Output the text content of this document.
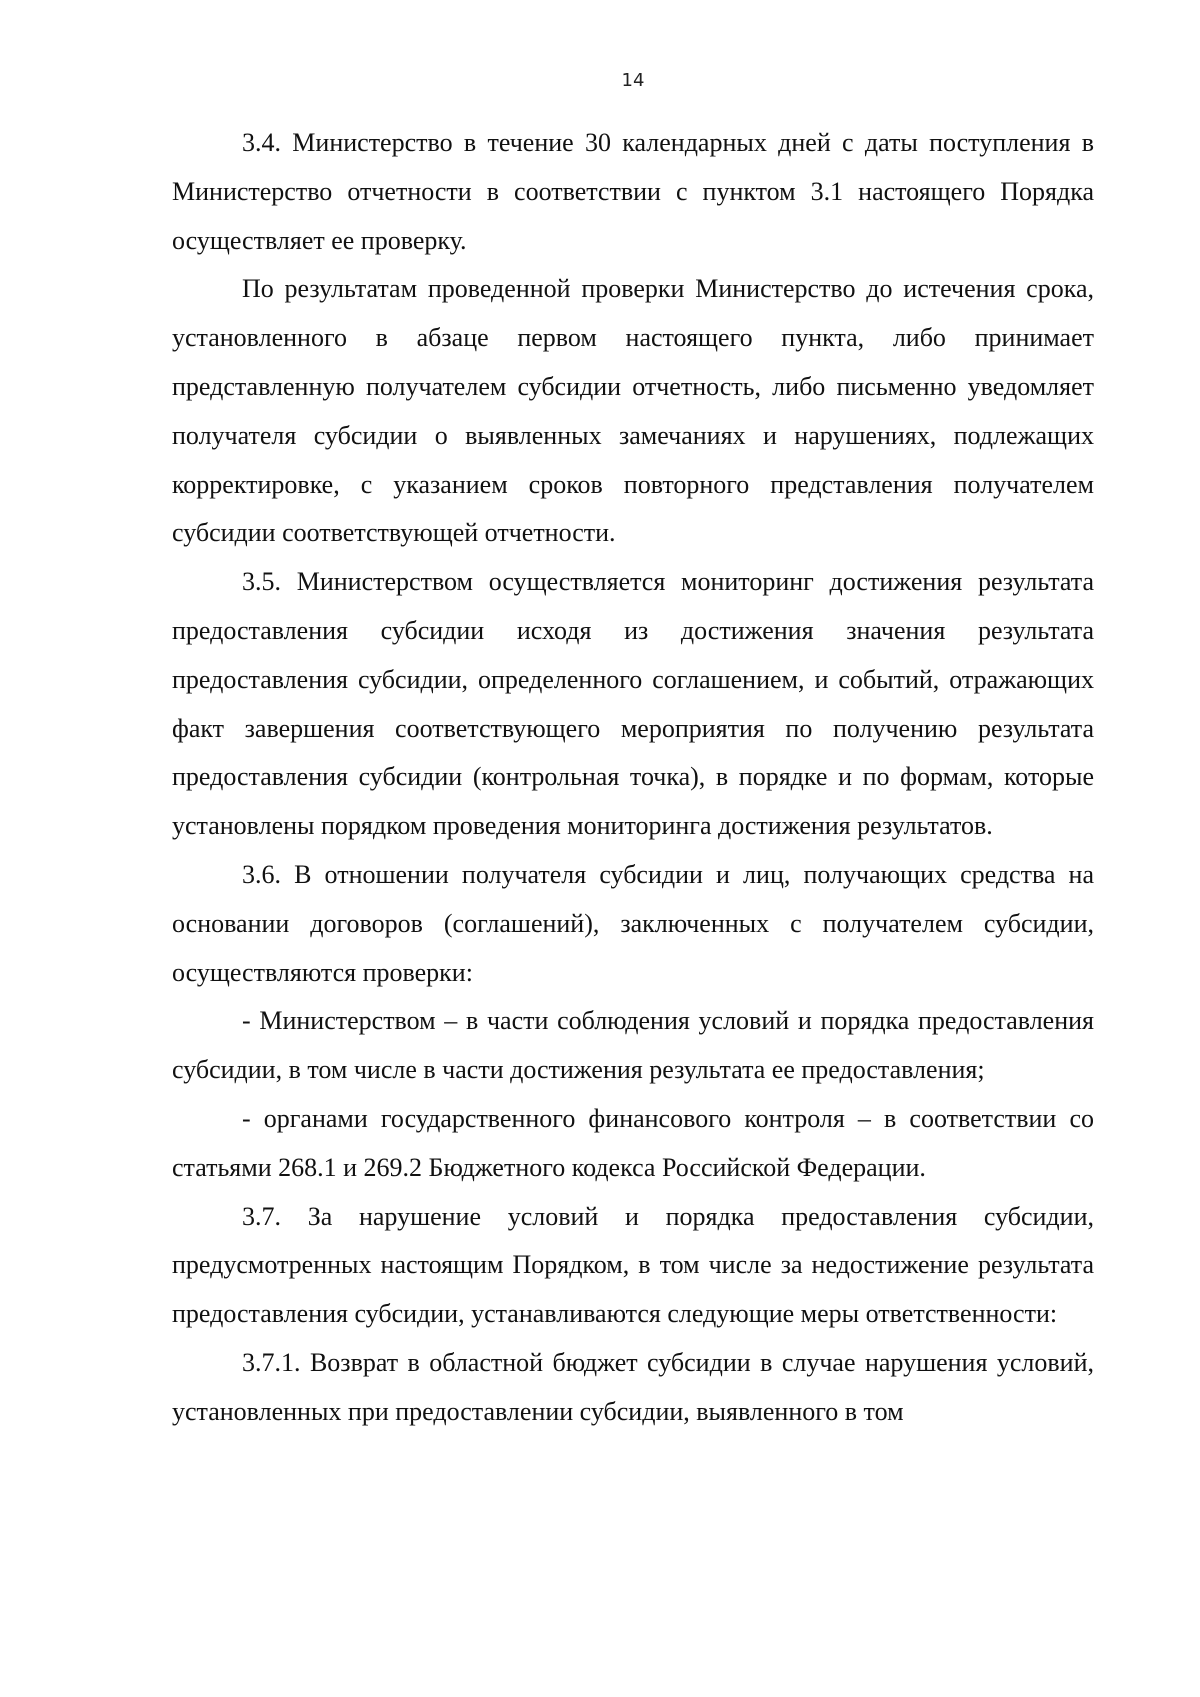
14

3.4. Министерство в течение 30 календарных дней с даты поступления в Министерство отчетности в соответствии с пунктом 3.1 настоящего Порядка осуществляет ее проверку.

По результатам проведенной проверки Министерство до истечения срока, установленного в абзаце первом настоящего пункта, либо принимает представленную получателем субсидии отчетность, либо письменно уведомляет получателя субсидии о выявленных замечаниях и нарушениях, подлежащих корректировке, с указанием сроков повторного представления получателем субсидии соответствующей отчетности.

3.5. Министерством осуществляется мониторинг достижения результата предоставления субсидии исходя из достижения значения результата предоставления субсидии, определенного соглашением, и событий, отражающих факт завершения соответствующего мероприятия по получению результата предоставления субсидии (контрольная точка), в порядке и по формам, которые установлены порядком проведения мониторинга достижения результатов.

3.6. В отношении получателя субсидии и лиц, получающих средства на основании договоров (соглашений), заключенных с получателем субсидии, осуществляются проверки:

- Министерством – в части соблюдения условий и порядка предоставления субсидии, в том числе в части достижения результата ее предоставления;

- органами государственного финансового контроля – в соответствии со статьями 268.1 и 269.2 Бюджетного кодекса Российской Федерации.

3.7. За нарушение условий и порядка предоставления субсидии, предусмотренных настоящим Порядком, в том числе за недостижение результата предоставления субсидии, устанавливаются следующие меры ответственности:

3.7.1. Возврат в областной бюджет субсидии в случае нарушения условий, установленных при предоставлении субсидии, выявленного в том
